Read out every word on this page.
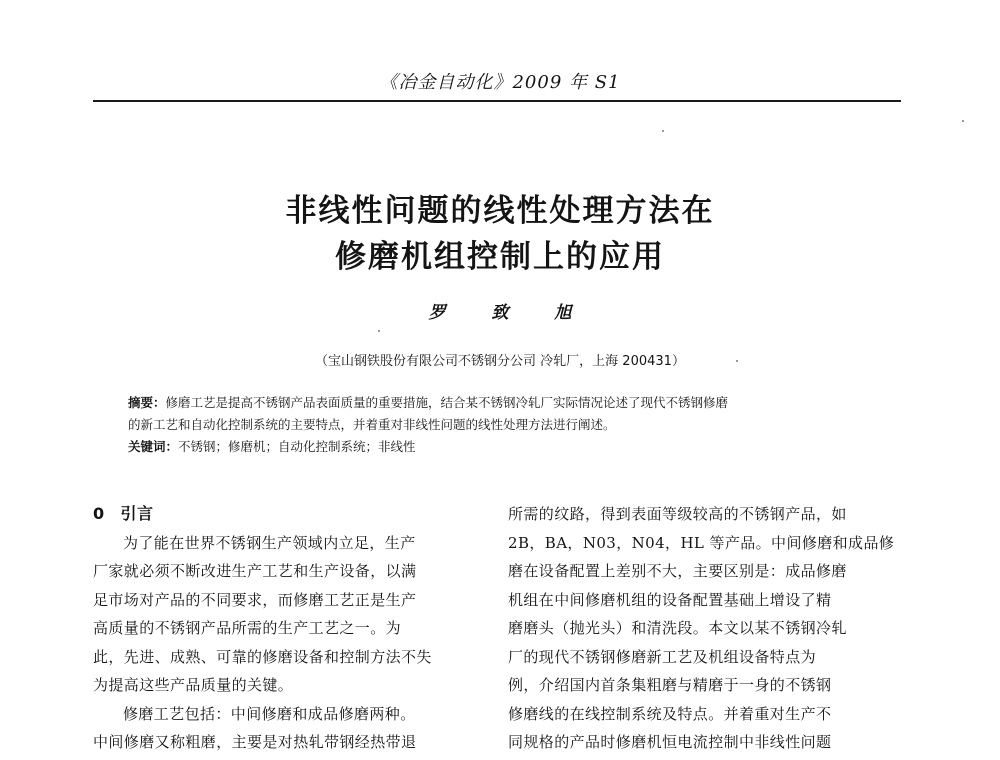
《冶金自动化》2009 年 S1
非线性问题的线性处理方法在
修磨机组控制上的应用
罗 致 旭
（宝山钢铁股份有限公司不锈钢分公司 冷轧厂，上海 200431）
摘要：修磨工艺是提高不锈钢产品表面质量的重要措施，结合某不锈钢冷轧厂实际情况论述了现代不锈钢修磨
的新工艺和自动化控制系统的主要特点，并着重对非线性问题的线性处理方法进行阐述。
关键词：不锈钢；修磨机；自动化控制系统；非线性
0 引言
为了能在世界不锈钢生产领域内立足，生产
厂家就必须不断改进生产工艺和生产设备，以满
足市场对产品的不同要求，而修磨工艺正是生产
高质量的不锈钢产品所需的生产工艺之一。为
此，先进、成熟、可靠的修磨设备和控制方法不失
为提高这些产品质量的关键。
修磨工艺包括：中间修磨和成品修磨两种。
中间修磨又称粗磨，主要是对热轧带钢经热带退
所需的纹路，得到表面等级较高的不锈钢产品，如
2B，BA，N03，N04，HL 等产品。中间修磨和成品修
磨在设备配置上差别不大，主要区别是：成品修磨
机组在中间修磨机组的设备配置基础上增设了精
磨磨头（抛光头）和清洗段。本文以某不锈钢冷轧
厂的现代不锈钢修磨新工艺及机组设备特点为
例，介绍国内首条集粗磨与精磨于一身的不锈钢
修磨线的在线控制系统及特点。并着重对生产不
同规格的产品时修磨机恒电流控制中非线性问题
